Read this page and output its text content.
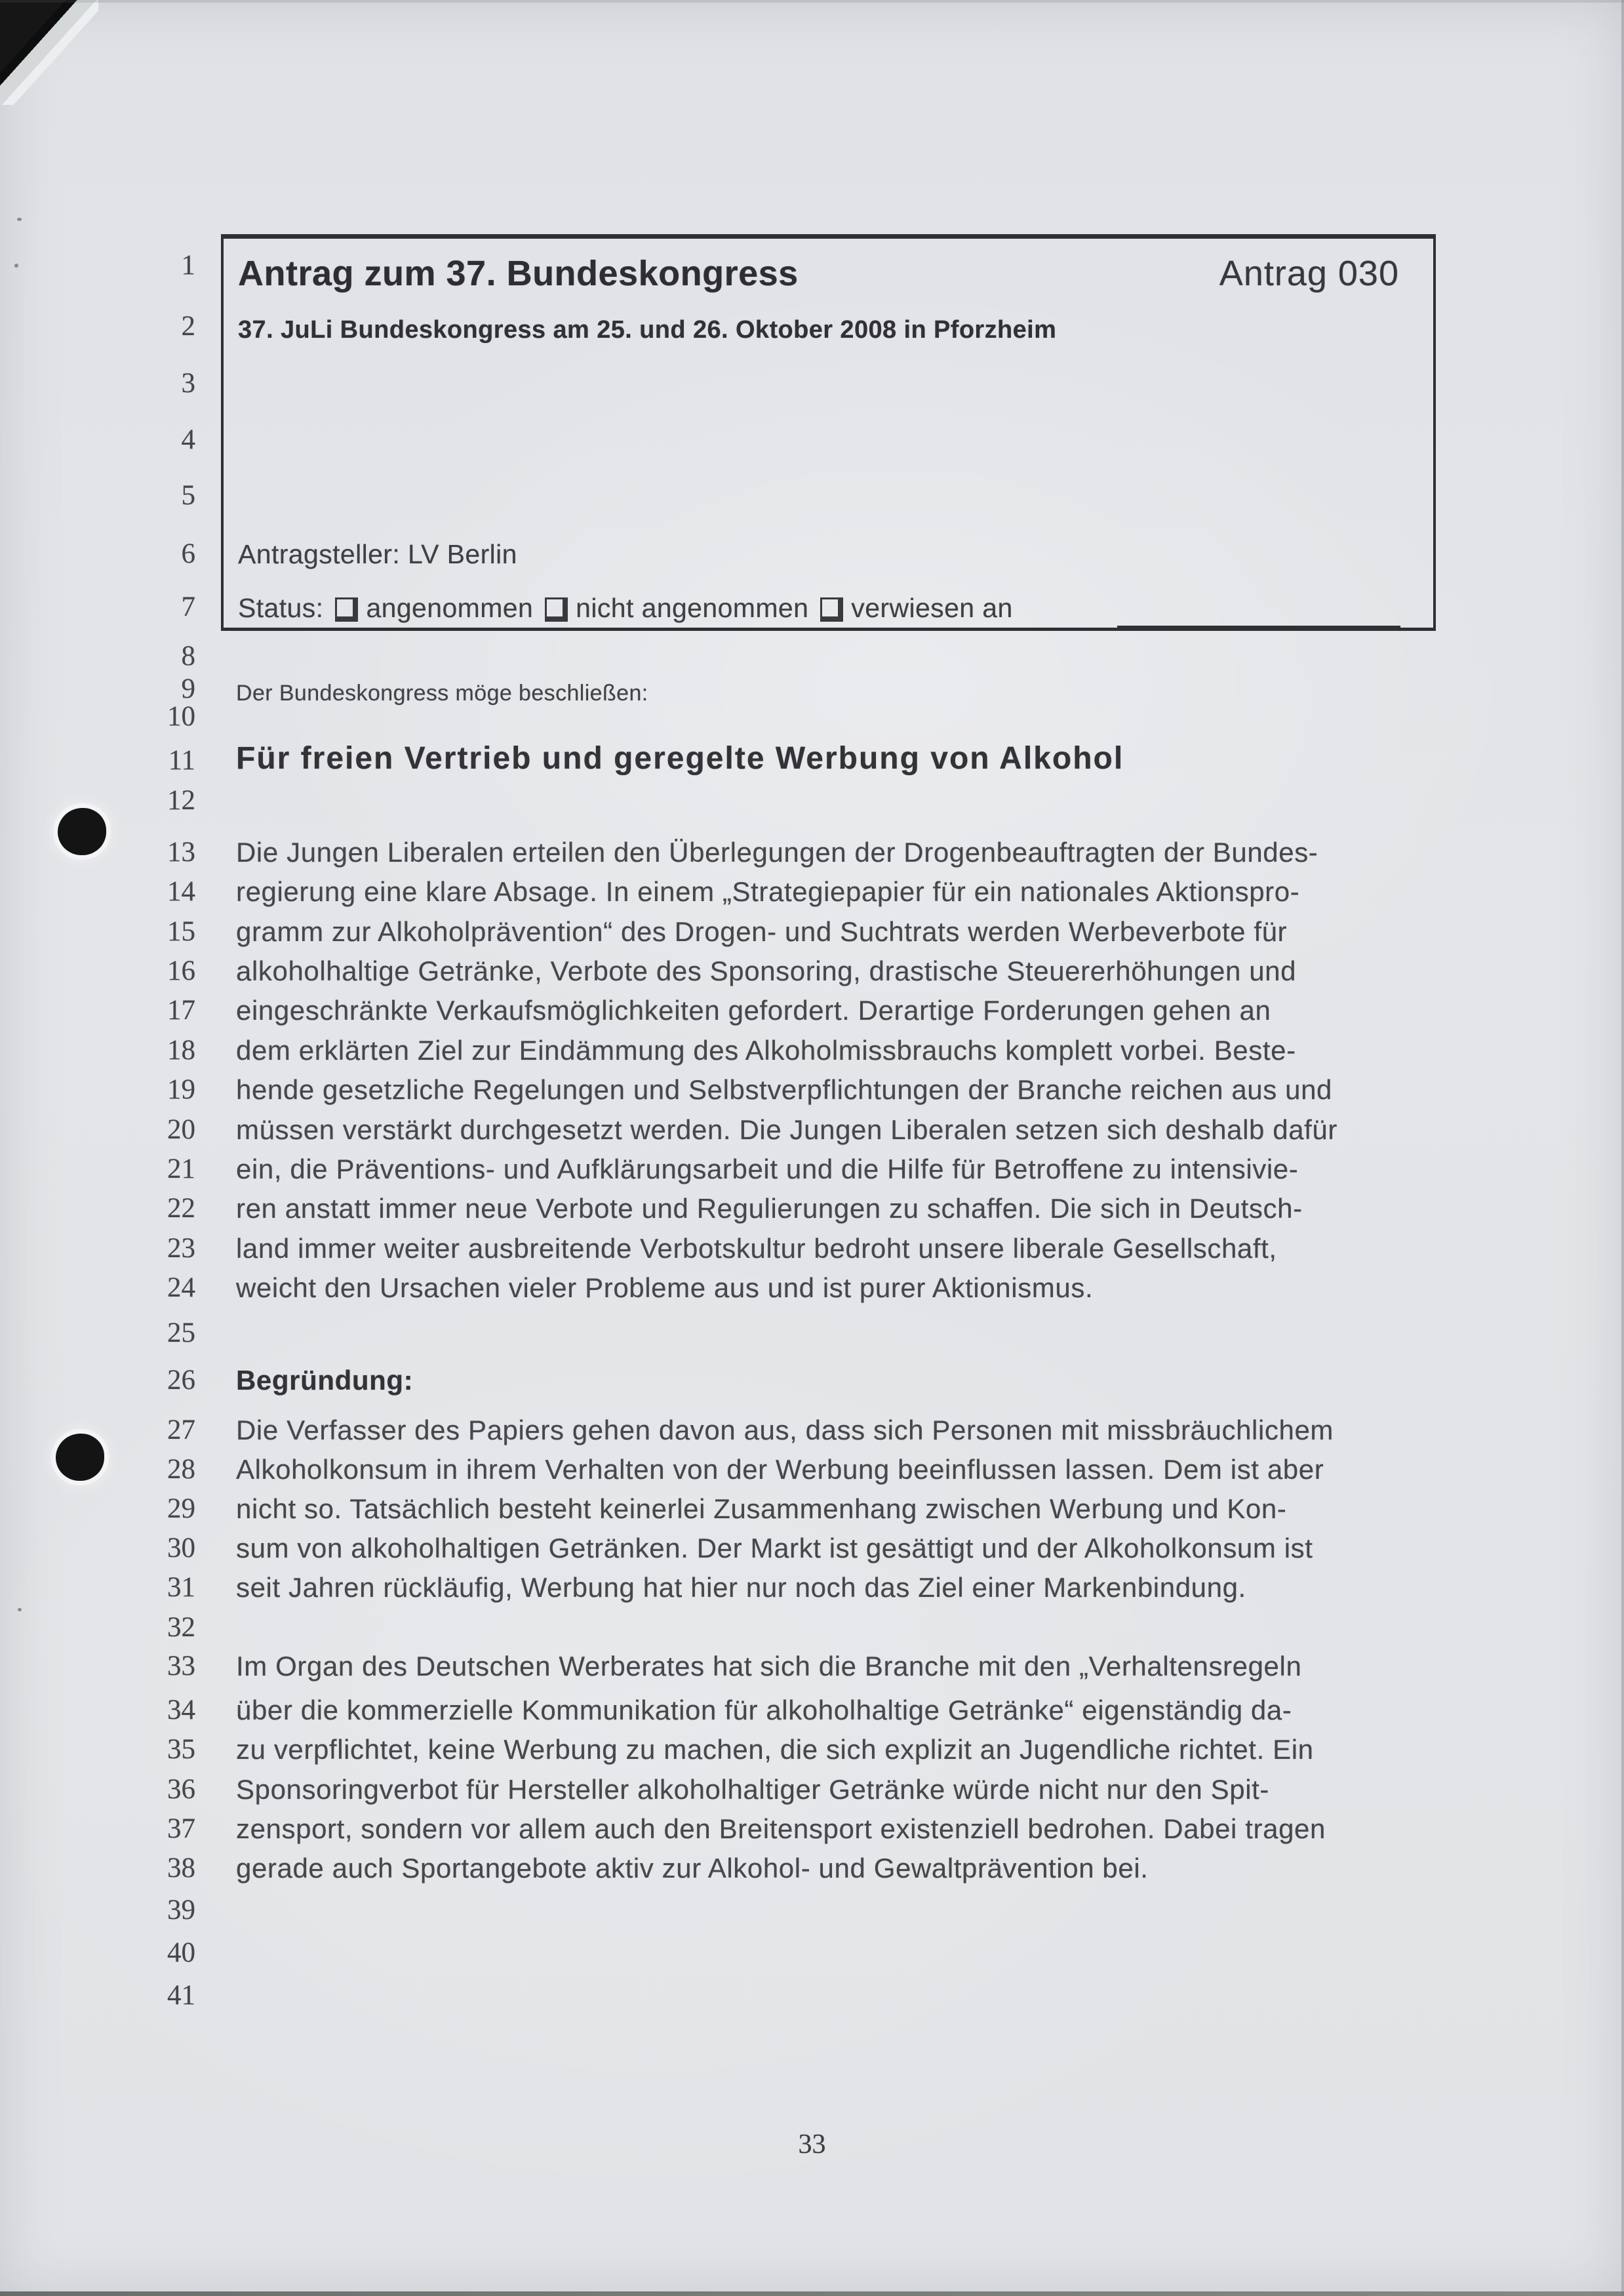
Antrag zum 37. Bundeskongress	Antrag 030
37. JuLi Bundeskongress am 25. und 26. Oktober 2008 in Pforzheim
Antragsteller: LV Berlin
Status: angenommen nicht angenommen verwiesen an
1
2
3
4
5
6
7
8
9
10
11
12
13
14
15
16
17
18
19
20
21
22
23
24
25
26
27
28
29
30
31
32
33
34
35
36
37
38
39
40
41
Der Bundeskongress möge beschließen:
Für freien Vertrieb und geregelte Werbung von Alkohol
Die Jungen Liberalen erteilen den Überlegungen der Drogenbeauftragten der Bundes-
regierung eine klare Absage. In einem „Strategiepapier für ein nationales Aktionspro-
gramm zur Alkoholprävention“ des Drogen- und Suchtrats werden Werbeverbote für
alkoholhaltige Getränke, Verbote des Sponsoring, drastische Steuererhöhungen und
eingeschränkte Verkaufsmöglichkeiten gefordert. Derartige Forderungen gehen an
dem erklärten Ziel zur Eindämmung des Alkoholmissbrauchs komplett vorbei. Beste-
hende gesetzliche Regelungen und Selbstverpflichtungen der Branche reichen aus und
müssen verstärkt durchgesetzt werden. Die Jungen Liberalen setzen sich deshalb dafür
ein, die Präventions- und Aufklärungsarbeit und die Hilfe für Betroffene zu intensivie-
ren anstatt immer neue Verbote und Regulierungen zu schaffen. Die sich in Deutsch-
land immer weiter ausbreitende Verbotskultur bedroht unsere liberale Gesellschaft,
weicht den Ursachen vieler Probleme aus und ist purer Aktionismus.
Begründung:
Die Verfasser des Papiers gehen davon aus, dass sich Personen mit missbräuchlichem
Alkoholkonsum in ihrem Verhalten von der Werbung beeinflussen lassen. Dem ist aber
nicht so. Tatsächlich besteht keinerlei Zusammenhang zwischen Werbung und Kon-
sum von alkoholhaltigen Getränken. Der Markt ist gesättigt und der Alkoholkonsum ist
seit Jahren rückläufig, Werbung hat hier nur noch das Ziel einer Markenbindung.
Im Organ des Deutschen Werberates hat sich die Branche mit den „Verhaltensregeln
über die kommerzielle Kommunikation für alkoholhaltige Getränke“ eigenständig da-
zu verpflichtet, keine Werbung zu machen, die sich explizit an Jugendliche richtet. Ein
Sponsoringverbot für Hersteller alkoholhaltiger Getränke würde nicht nur den Spit-
zensport, sondern vor allem auch den Breitensport existenziell bedrohen. Dabei tragen
gerade auch Sportangebote aktiv zur Alkohol- und Gewaltprävention bei.
33
